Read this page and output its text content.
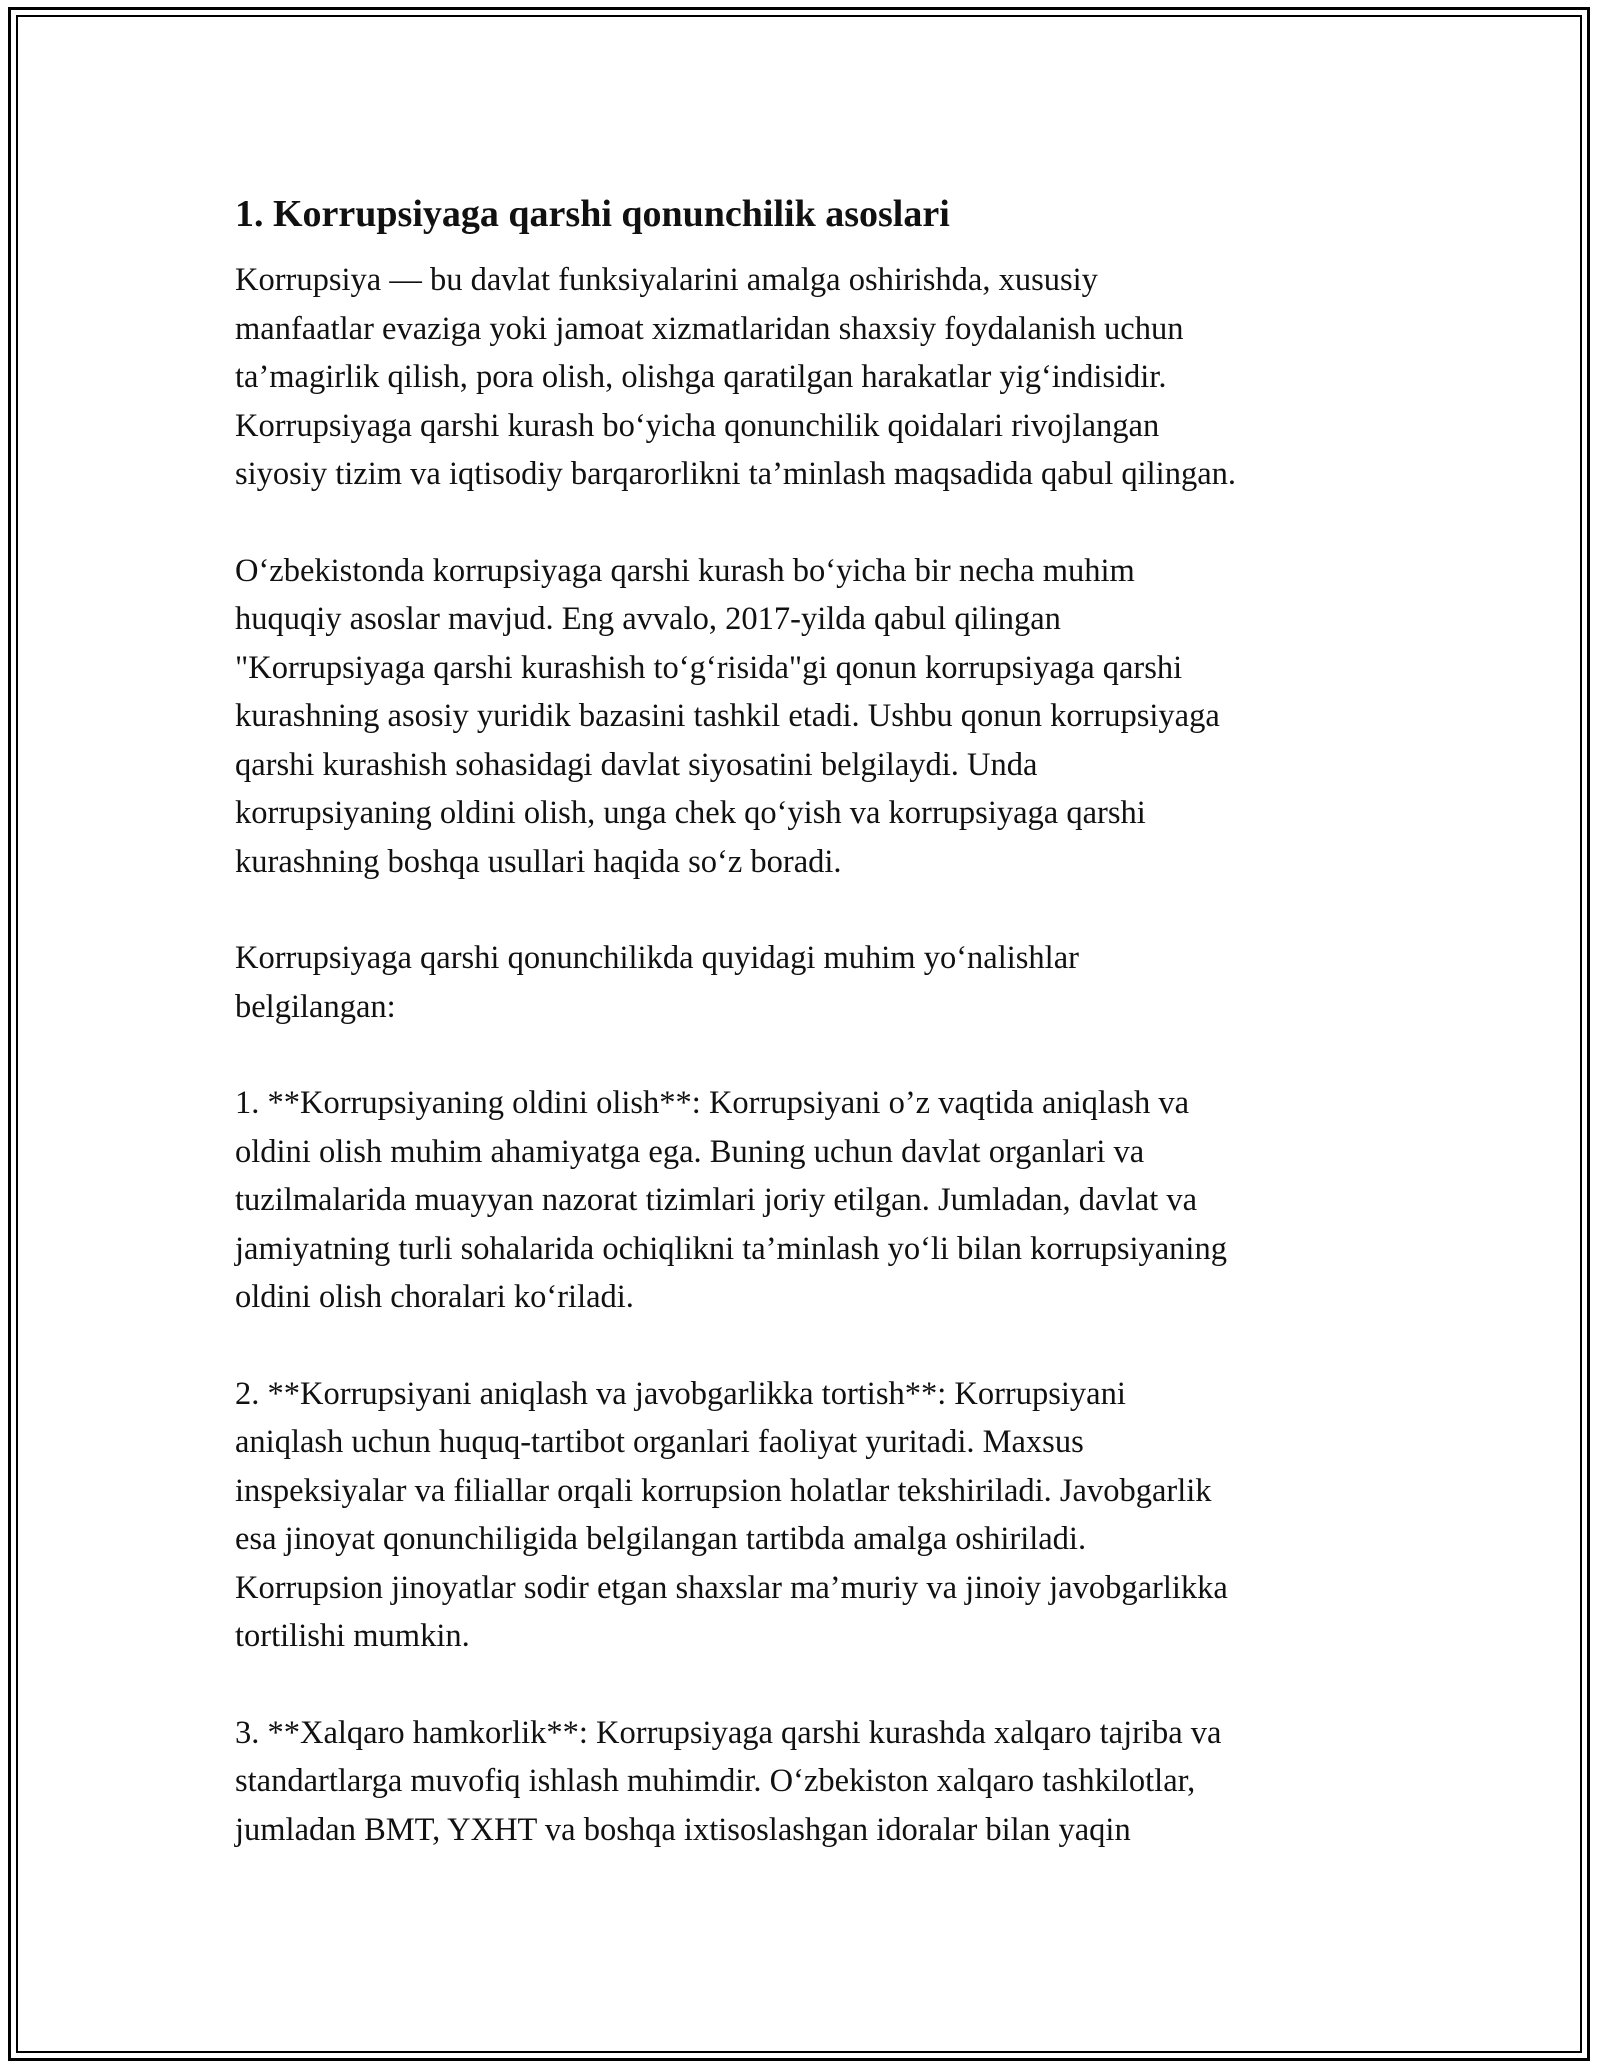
1. Korrupsiyaga qarshi qonunchilik asoslari
Korrupsiya — bu davlat funksiyalarini amalga oshirishda, xususiy
manfaatlar evaziga yoki jamoat xizmatlaridan shaxsiy foydalanish uchun
ta’magirlik qilish, pora olish, olishga qaratilgan harakatlar yig‘indisidir.
Korrupsiyaga qarshi kurash bo‘yicha qonunchilik qoidalari rivojlangan
siyosiy tizim va iqtisodiy barqarorlikni ta’minlash maqsadida qabul qilingan.
O‘zbekistonda korrupsiyaga qarshi kurash bo‘yicha bir necha muhim
huquqiy asoslar mavjud. Eng avvalo, 2017-yilda qabul qilingan
"Korrupsiyaga qarshi kurashish to‘g‘risida"gi qonun korrupsiyaga qarshi
kurashning asosiy yuridik bazasini tashkil etadi. Ushbu qonun korrupsiyaga
qarshi kurashish sohasidagi davlat siyosatini belgilaydi. Unda
korrupsiyaning oldini olish, unga chek qo‘yish va korrupsiyaga qarshi
kurashning boshqa usullari haqida so‘z boradi.
Korrupsiyaga qarshi qonunchilikda quyidagi muhim yo‘nalishlar
belgilangan:
1. **Korrupsiyaning oldini olish**: Korrupsiyani o’z vaqtida aniqlash va
oldini olish muhim ahamiyatga ega. Buning uchun davlat organlari va
tuzilmalarida muayyan nazorat tizimlari joriy etilgan. Jumladan, davlat va
jamiyatning turli sohalarida ochiqlikni ta’minlash yo‘li bilan korrupsiyaning
oldini olish choralari ko‘riladi.
2. **Korrupsiyani aniqlash va javobgarlikka tortish**: Korrupsiyani
aniqlash uchun huquq-tartibot organlari faoliyat yuritadi. Maxsus
inspeksiyalar va filiallar orqali korrupsion holatlar tekshiriladi. Javobgarlik
esa jinoyat qonunchiligida belgilangan tartibda amalga oshiriladi.
Korrupsion jinoyatlar sodir etgan shaxslar ma’muriy va jinoiy javobgarlikka
tortilishi mumkin.
3. **Xalqaro hamkorlik**: Korrupsiyaga qarshi kurashda xalqaro tajriba va
standartlarga muvofiq ishlash muhimdir. O‘zbekiston xalqaro tashkilotlar,
jumladan BMT, YXHT va boshqa ixtisoslashgan idoralar bilan yaqin
